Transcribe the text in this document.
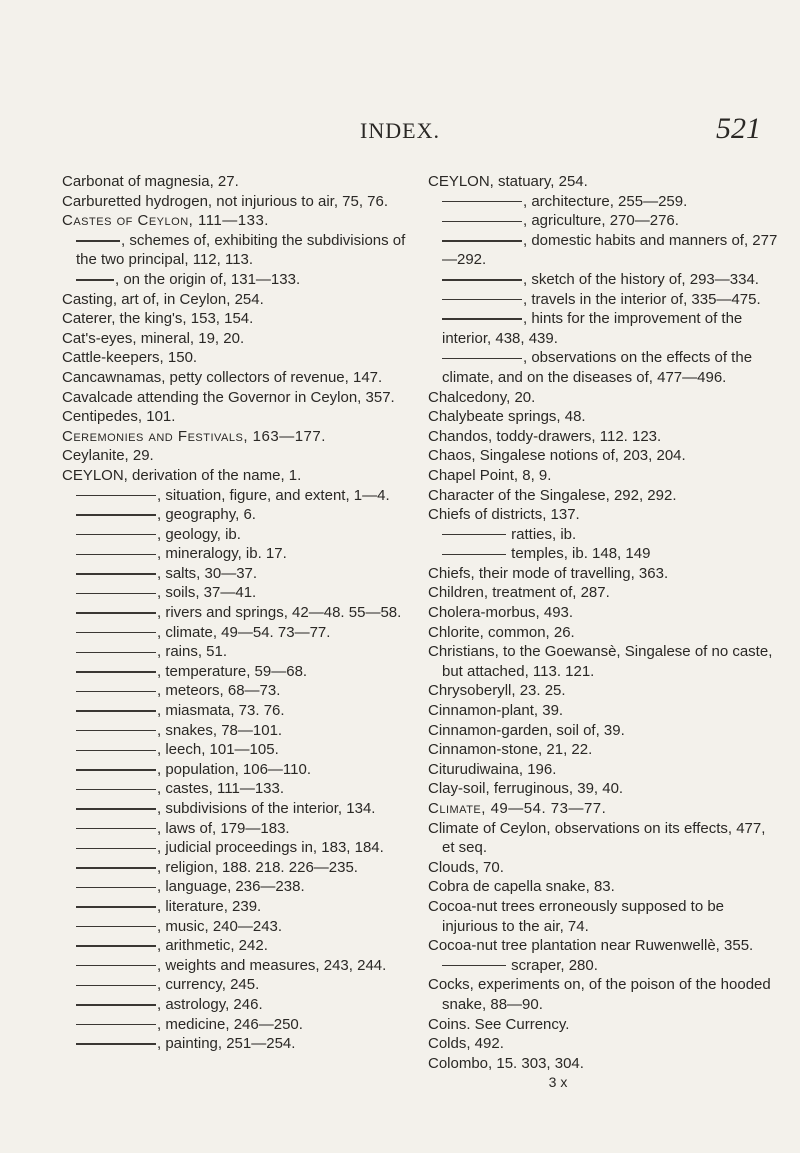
INDEX.	521
Carbonat of magnesia, 27.
Carburetted hydrogen, not injurious to air, 75, 76.
Castes of Ceylon, 111—133.
, schemes of, exhibiting the subdivisions of the two principal, 112, 113.
, on the origin of, 131—133.
Casting, art of, in Ceylon, 254.
Caterer, the king's, 153, 154.
Cat's-eyes, mineral, 19, 20.
Cattle-keepers, 150.
Cancawnamas, petty collectors of revenue, 147.
Cavalcade attending the Governor in Ceylon, 357.
Centipedes, 101.
Ceremonies and Festivals, 163—177.
Ceylanite, 29.
CEYLON, derivation of the name, 1.
, situation, figure, and extent, 1—4.
, geography, 6.
, geology, ib.
, mineralogy, ib. 17.
, salts, 30—37.
, soils, 37—41.
, rivers and springs, 42—48. 55—58.
, climate, 49—54. 73—77.
, rains, 51.
, temperature, 59—68.
, meteors, 68—73.
, miasmata, 73. 76.
, snakes, 78—101.
, leech, 101—105.
, population, 106—110.
, castes, 111—133.
, subdivisions of the interior, 134.
, laws of, 179—183.
, judicial proceedings in, 183, 184.
, religion, 188. 218. 226—235.
, language, 236—238.
, literature, 239.
, music, 240—243.
, arithmetic, 242.
, weights and measures, 243, 244.
, currency, 245.
, astrology, 246.
, medicine, 246—250.
, painting, 251—254.
CEYLON, statuary, 254.
, architecture, 255—259.
, agriculture, 270—276.
, domestic habits and manners of, 277—292.
, sketch of the history of, 293—334.
, travels in the interior of, 335—475.
, hints for the improvement of the interior, 438, 439.
, observations on the effects of the climate, and on the diseases of, 477—496.
Chalcedony, 20.
Chalybeate springs, 48.
Chandos, toddy-drawers, 112. 123.
Chaos, Singalese notions of, 203, 204.
Chapel Point, 8, 9.
Character of the Singalese, 292, 292.
Chiefs of districts, 137.
ratties, ib.
temples, ib. 148, 149
Chiefs, their mode of travelling, 363.
Children, treatment of, 287.
Cholera-morbus, 493.
Chlorite, common, 26.
Christians, to the Goewansè, Singalese of no caste, but attached, 113. 121.
Chrysoberyll, 23. 25.
Cinnamon-plant, 39.
Cinnamon-garden, soil of, 39.
Cinnamon-stone, 21, 22.
Citurudiwaina, 196.
Clay-soil, ferruginous, 39, 40.
Climate, 49—54. 73—77.
Climate of Ceylon, observations on its effects, 477, et seq.
Clouds, 70.
Cobra de capella snake, 83.
Cocoa-nut trees erroneously supposed to be injurious to the air, 74.
Cocoa-nut tree plantation near Ruwenwellè, 355.
scraper, 280.
Cocks, experiments on, of the poison of the hooded snake, 88—90.
Coins. See Currency.
Colds, 492.
Colombo, 15. 303, 304.
3 x
